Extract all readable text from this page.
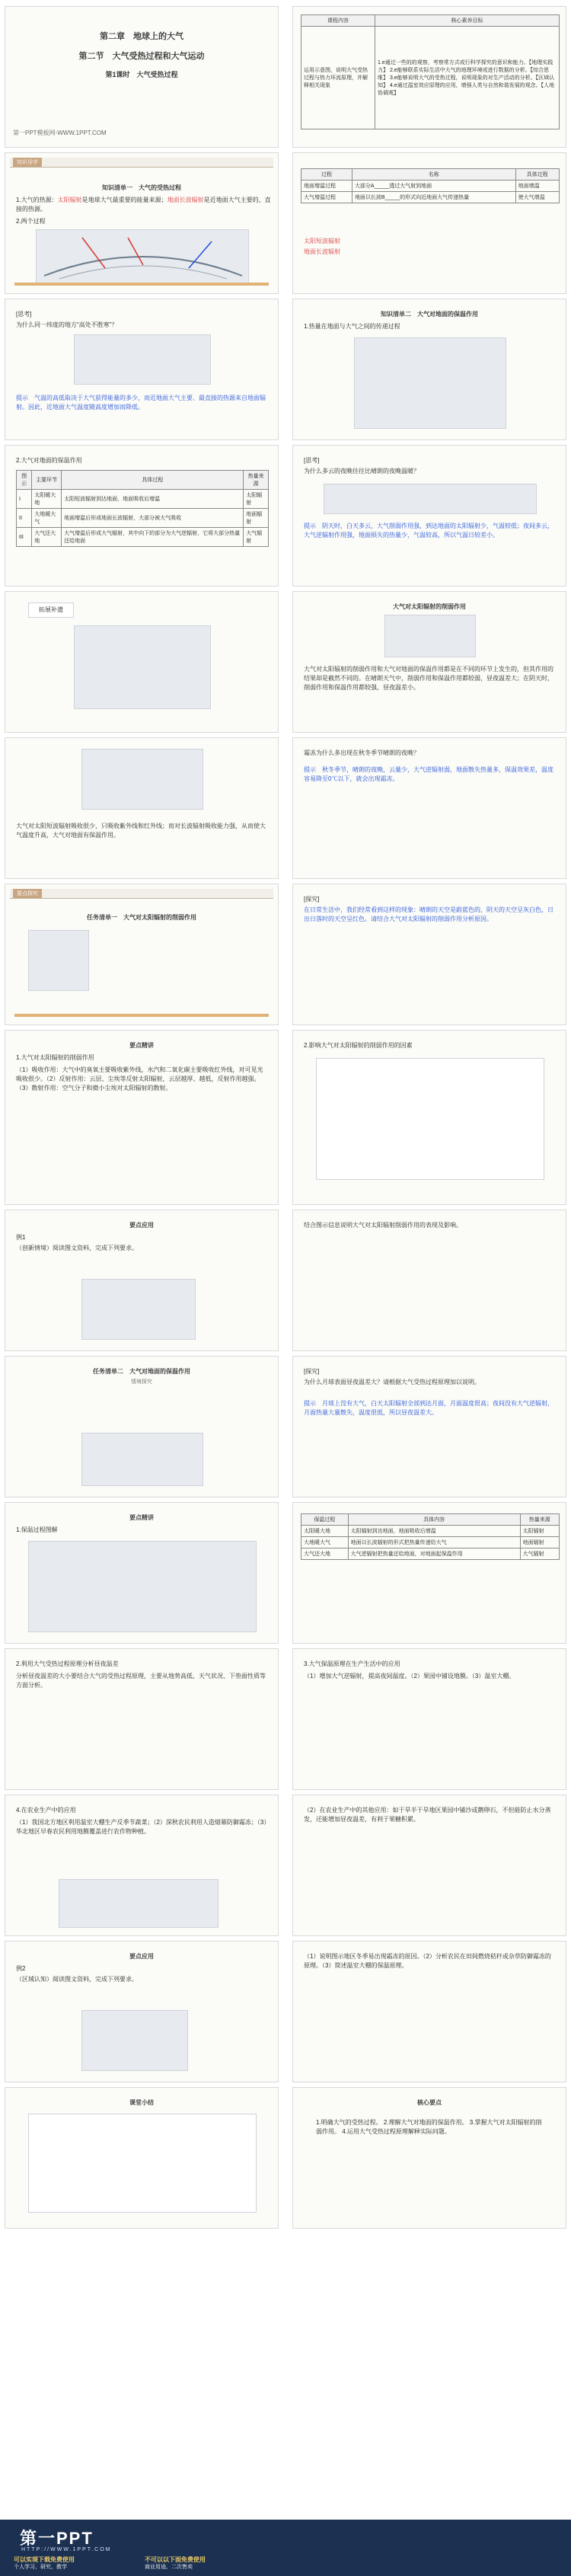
第二章　地球上的大气
第二节　大气受热过程和大气运动
第1课时　大气受热过程
第一PPT模板网-WWW.1PPT.COM
知识导学
知识清单一　大气的受热过程
1.大气的热源：太阳辐射是地球大气最重要的能量来源；地面长波辐射是近地面大气主要的、直接的热源。
2.两个过程
[思考]
为什么同一纬度的地方“高处不胜寒”？
提示　 气温的高低取决于大气获得能量的多少，而近地面大气主要、最直接的热源来自地面辐射。因此，近地面大气温度随高度增加而降低。
2.大气对地面的保温作用
图示	主要环节	具体过程	热量来源
I	太阳暖大地	太阳短波辐射到达地面，地面吸收后增温	太阳辐射
II	大地暖大气	地面增温后形成地面长波辐射，大部分被大气吸收	地面辐射
III	大气还大地	大气增温后形成大气辐射，其中向下的部分为大气逆辐射，它将大部分热量还给地面	大气辐射
拓展补遗
大气对太阳短波辐射吸收很少，只吸收紫外线和红外线；而对长波辐射吸收能力强，从而使大气温度升高，大气对地面有保温作用。
要点探究
任务清单一　大气对太阳辐射的削弱作用
要点精讲
1.大气对太阳辐射的削弱作用
（1）吸收作用：大气中的臭氧主要吸收紫外线，水汽和二氧化碳主要吸收红外线，对可见光吸收很少。（2）反射作用：云层、尘埃等反射太阳辐射，云层越厚、越低，反射作用越强。（3）散射作用：空气分子和微小尘埃对太阳辐射的散射。
要点应用
例1
（创新情境）阅读图文资料，完成下列要求。
任务清单二　大气对地面的保温作用
情境探究
要点精讲
1.保温过程图解
2.利用大气受热过程原理分析昼夜温差
分析昼夜温差的大小要结合大气的受热过程原理，主要从地势高低、天气状况、下垫面性质等方面分析。
4.在农业生产中的应用
（1）我国北方地区利用温室大棚生产反季节蔬菜；（2）深秋农民利用人造烟幕防御霜冻；（3）华北地区早春农民利用地膜覆盖进行农作物种植。
要点应用
例2
（区域认知）阅读图文资料，完成下列要求。
课堂小结
课程内容	核心素养目标
运用示意图，说明大气受热过程与热力环流原理，并解释相关现象	1.e通过一些的的观察，考察常方式或行科学探究的意识和能力。【地理实践力】 2.e能够联系实际生活中大气的地理环境或进行数据的分析。【综合思维】 3.e能够说明大气的受热过程，说明现象的对生产活动的分析。【区域认知】 4.e通过温室效应原理的应用，增强人类与自然和谐发展的观念。【人地协调观】
过程	名称	具体过程
地面增温过程	大部分A_____透过大气射到地面	地面增温
大气增温过程	地面以长波B_____的形式向近地面大气传递热量	使大气增温
太阳短波辐射
地面长波辐射
知识清单二　大气对地面的保温作用
1.热量在地面与大气之间的传递过程
[思考]
为什么多云的夜晚往往比晴朗的夜晚温暖？
提示　 阴天时，白天多云，大气削弱作用强，到达地面的太阳辐射少，气温较低；夜间多云，大气逆辐射作用强，地面损失的热量少，气温较高，所以气温日较差小。
大气对太阳辐射的削弱作用
大气对太阳辐射的削弱作用和大气对地面的保温作用都是在不同的环节上发生的，但其作用的结果却是截然不同的。在晴朗天气中，削弱作用和保温作用都较弱，昼夜温差大；在阴天时，削弱作用和保温作用都较强，昼夜温差小。
霜冻为什么多出现在秋冬季节晴朗的夜晚？
提示　 秋冬季节，晴朗的夜晚，云量少，大气逆辐射弱，地面散失热量多，保温效果差，温度容易降至0℃以下，就会出现霜冻。
[探究]
在日常生活中，我们经常看到这样的现象：晴朗的天空是蔚蓝色的，阴天的天空呈灰白色，日出日落时的天空呈红色。请结合大气对太阳辐射的削弱作用分析原因。
2.影响大气对太阳辐射的削弱作用的因素
结合图示信息说明大气对太阳辐射削弱作用的表现及影响。
[探究]
为什么月球表面昼夜温差大？请根据大气受热过程原理加以说明。
提示　 月球上没有大气，白天太阳辐射全部到达月面，月面温度很高；夜间没有大气逆辐射，月面热量大量散失，温度很低，所以昼夜温差大。
保温过程	具体内容	热量来源
太阳暖大地	太阳辐射到达地面，地面吸收后增温	太阳辐射
大地暖大气	地面以长波辐射的形式把热量传递给大气	地面辐射
大气还大地	大气逆辐射把热量还给地面，对地面起保温作用	大气辐射
3.大气保温原理在生产生活中的应用
（1）增加大气逆辐射，提高夜间温度。（2）果园中铺设地膜。（3）温室大棚。
（2）在农业生产中的其他应用：如干旱半干旱地区果园中铺沙或鹅卵石，不但能防止水分蒸发，还能增加昼夜温差，有利于果糖积累。
（1）说明图示地区冬季易出现霜冻的原因。（2）分析农民在田间燃烧秸秆或杂草防御霜冻的原理。（3）简述温室大棚的保温原理。
核心要点
1.明确大气的受热过程。 2.理解大气对地面的保温作用。 3.掌握大气对太阳辐射的削弱作用。 4.运用大气受热过程原理解释实际问题。
第一PPT
HTTP://WWW.1PPT.COM
可以实现下载免费使用
个人学习、研究、教学
不可以以下面免费使用
商业用途、二次售卖
